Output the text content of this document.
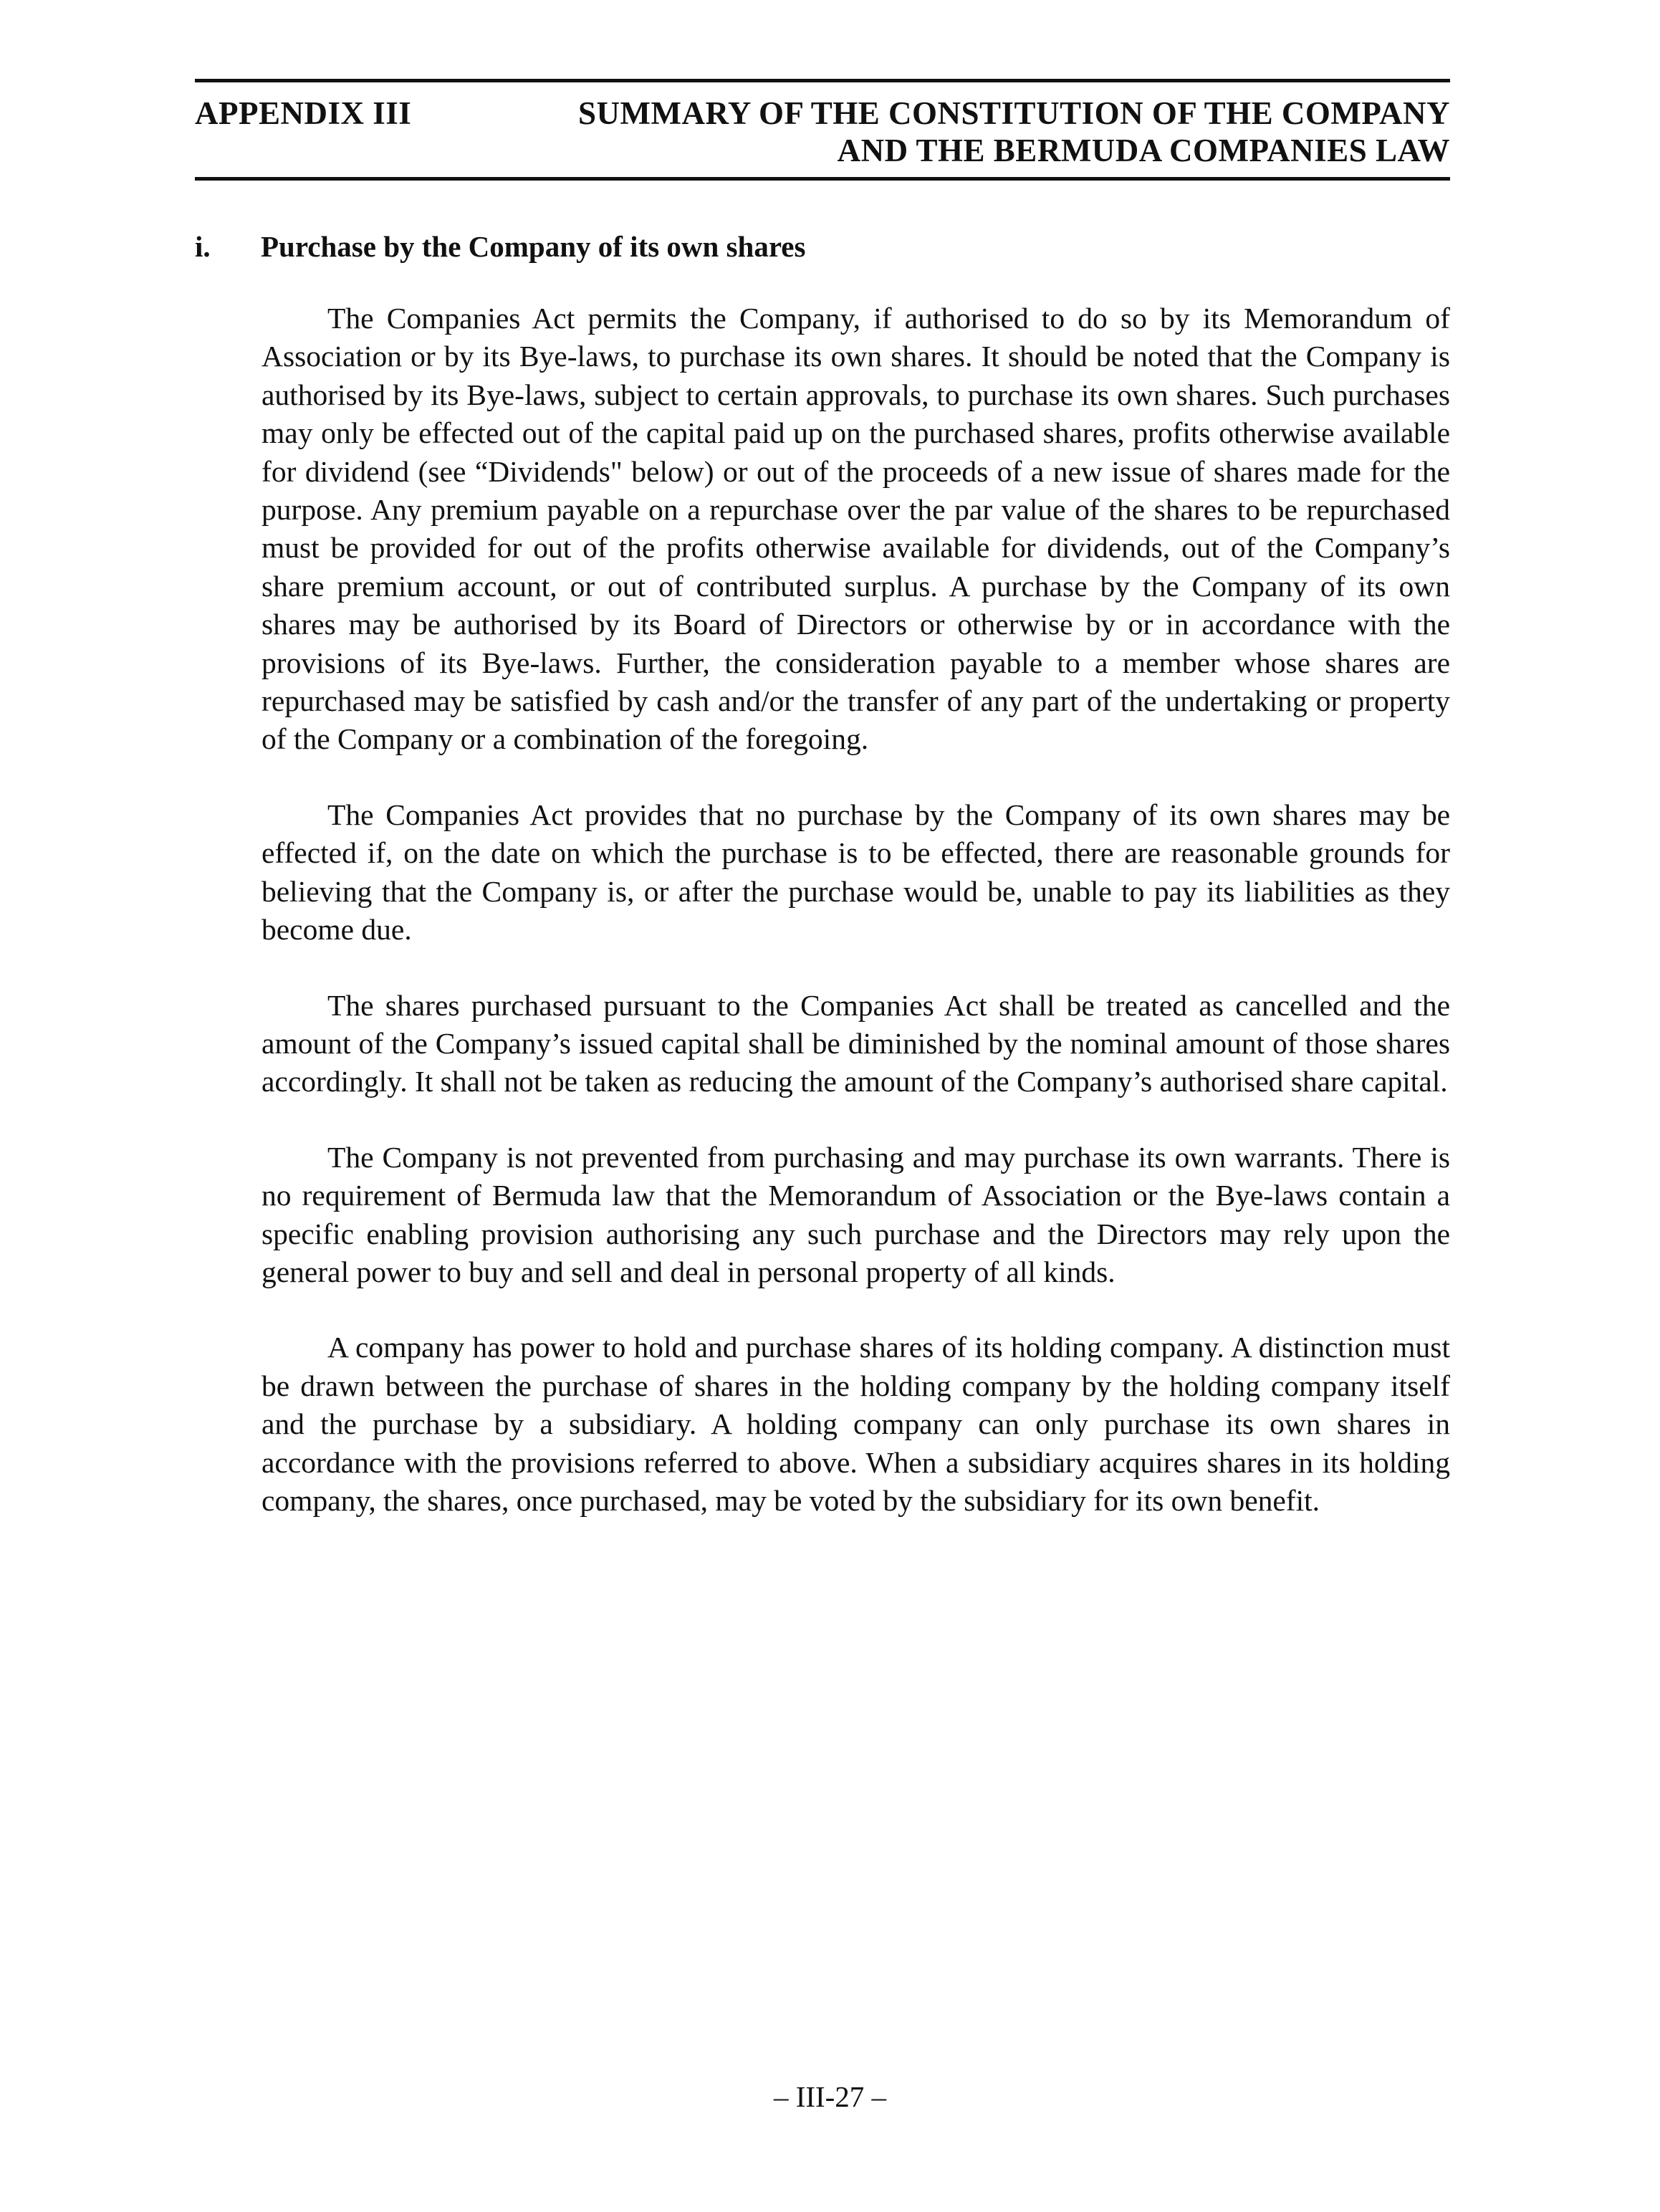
APPENDIX III	SUMMARY OF THE CONSTITUTION OF THE COMPANY
AND THE BERMUDA COMPANIES LAW
i. Purchase by the Company of its own shares

The Companies Act permits the Company, if authorised to do so by its Memorandum of Association or by its Bye-laws, to purchase its own shares. It should be noted that the Company is authorised by its Bye-laws, subject to certain approvals, to purchase its own shares. Such purchases may only be effected out of the capital paid up on the purchased shares, profits otherwise available for dividend (see “Dividends" below) or out of the proceeds of a new issue of shares made for the purpose. Any premium payable on a repurchase over the par value of the shares to be repurchased must be provided for out of the profits otherwise available for dividends, out of the Company’s share premium account, or out of contributed surplus. A purchase by the Company of its own shares may be authorised by its Board of Directors or otherwise by or in accordance with the provisions of its Bye-laws. Further, the consideration payable to a member whose shares are repurchased may be satisfied by cash and/or the transfer of any part of the undertaking or property of the Company or a combination of the foregoing.

The Companies Act provides that no purchase by the Company of its own shares may be effected if, on the date on which the purchase is to be effected, there are reasonable grounds for believing that the Company is, or after the purchase would be, unable to pay its liabilities as they become due.

The shares purchased pursuant to the Companies Act shall be treated as cancelled and the amount of the Company’s issued capital shall be diminished by the nominal amount of those shares accordingly. It shall not be taken as reducing the amount of the Company’s authorised share capital.

The Company is not prevented from purchasing and may purchase its own warrants. There is no requirement of Bermuda law that the Memorandum of Association or the Bye-laws contain a specific enabling provision authorising any such purchase and the Directors may rely upon the general power to buy and sell and deal in personal property of all kinds.

A company has power to hold and purchase shares of its holding company. A distinction must be drawn between the purchase of shares in the holding company by the holding company itself and the purchase by a subsidiary. A holding company can only purchase its own shares in accordance with the provisions referred to above. When a subsidiary acquires shares in its holding company, the shares, once purchased, may be voted by the subsidiary for its own benefit.

– III-27 –
